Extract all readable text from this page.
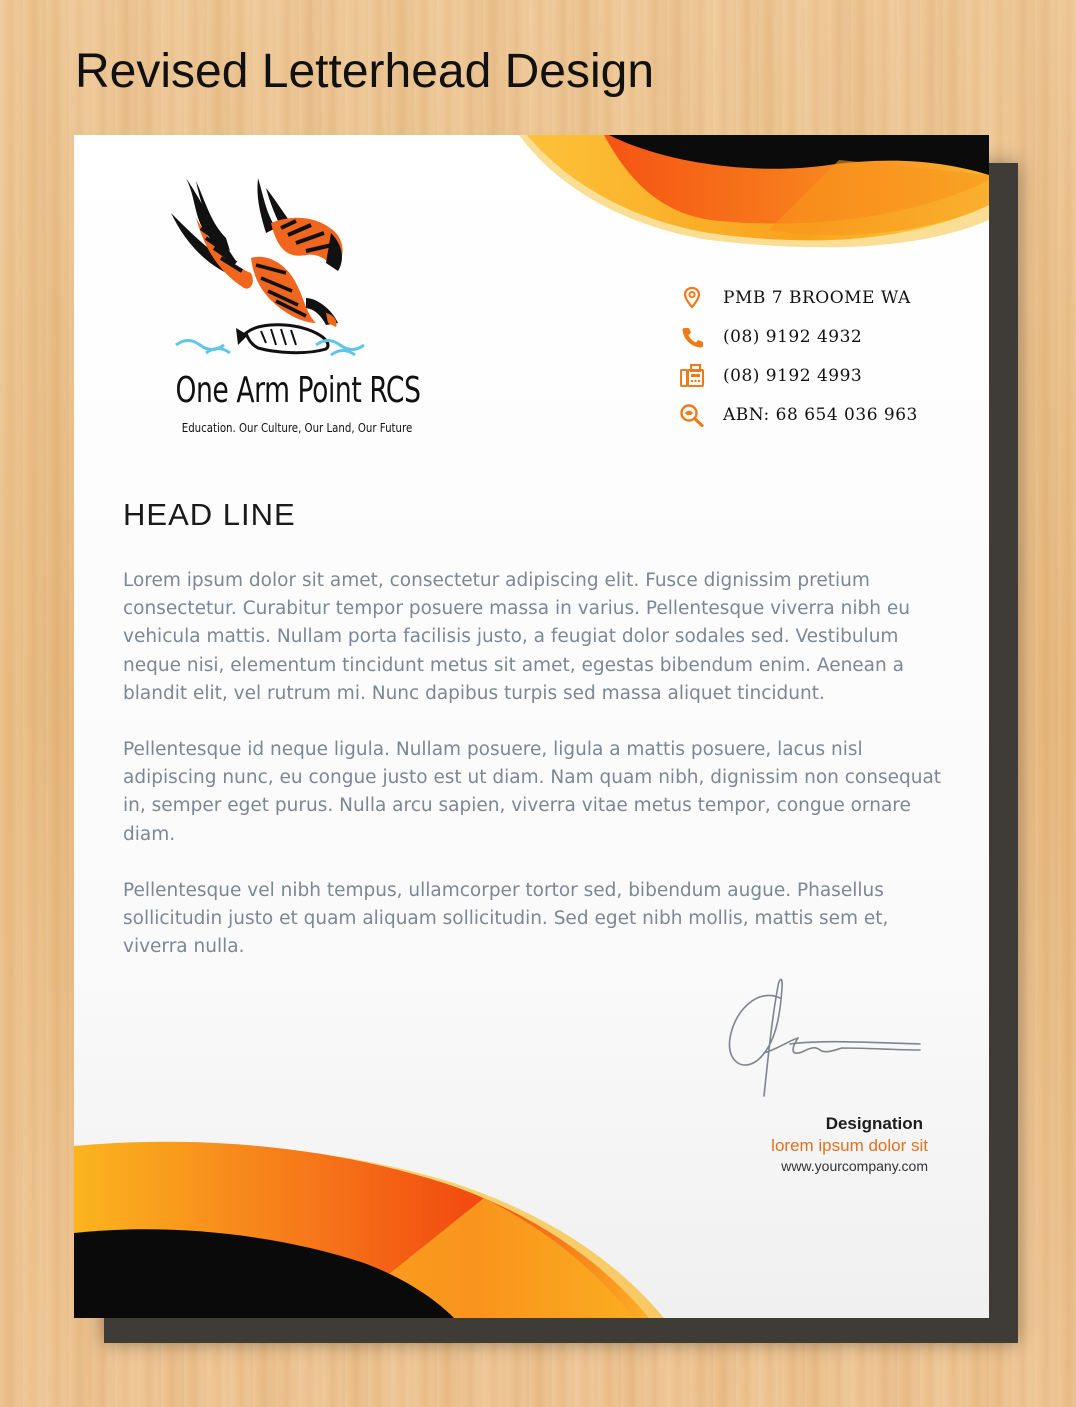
Revised Letterhead Design
One Arm Point RCS
Education. Our Culture, Our Land, Our Future
PMB 7 BROOME WA
(08) 9192 4932
(08) 9192 4993
ABN: 68 654 036 963
HEAD LINE

Lorem ipsum dolor sit amet, consectetur adipiscing elit. Fusce dignissim pretium consectetur. Curabitur tempor posuere massa in varius. Pellentesque viverra nibh eu vehicula mattis. Nullam porta facilisis justo, a feugiat dolor sodales sed. Vestibulum neque nisi, elementum tincidunt metus sit amet, egestas bibendum enim. Aenean a blandit elit, vel rutrum mi. Nunc dapibus turpis sed massa aliquet tincidunt.

Pellentesque id neque ligula. Nullam posuere, ligula a mattis posuere, lacus nisl adipiscing nunc, eu congue justo est ut diam. Nam quam nibh, dignissim non consequat in, semper eget purus. Nulla arcu sapien, viverra vitae metus tempor, congue ornare diam.

Pellentesque vel nibh tempus, ullamcorper tortor sed, bibendum augue. Phasellus sollicitudin justo et quam aliquam sollicitudin. Sed eget nibh mollis, mattis sem et, viverra nulla.

Designation
lorem ipsum dolor sit
www.yourcompany.com
